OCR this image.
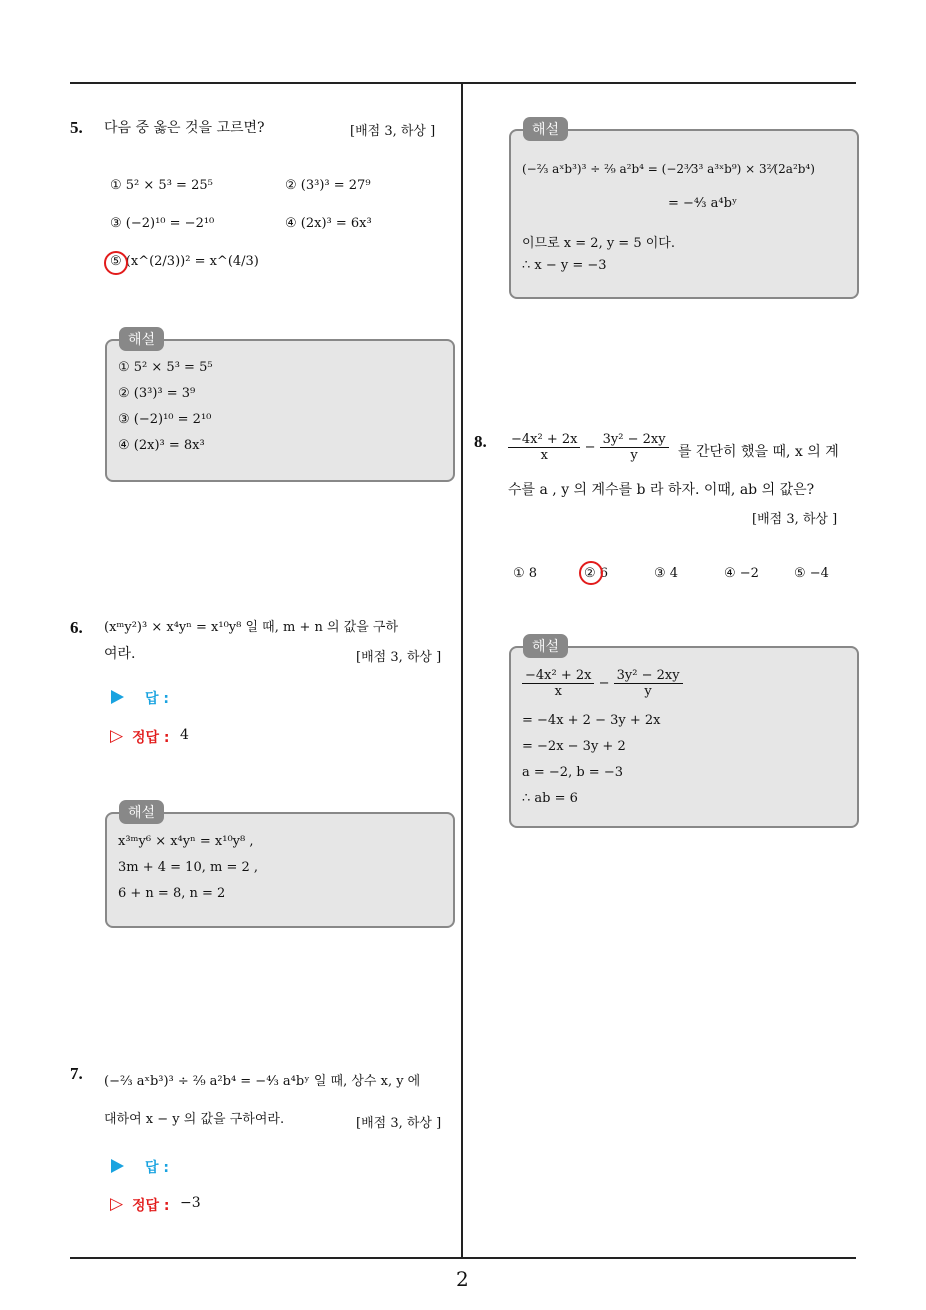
5. 다음 중 옳은 것을 고르면?	[배점 3, 하상 ]
① 5² × 5³ = 25⁵	② (3³)³ = 27⁹
③ (−2)¹⁰ = −2¹⁰	④ (2x)³ = 6x³
⑤ (x^(2/3))² = x^(4/3)
해설
① 5² × 5³ = 5⁵
② (3³)³ = 3⁹
③ (−2)¹⁰ = 2¹⁰
④ (2x)³ = 8x³
6. (xᵐy²)³ × x⁴yⁿ = x¹⁰y⁸ 일 때, m + n 의 값을 구하
여라.	[배점 3, 하상 ]
답 :
▷ 정답 : 4
해설
x³ᵐy⁶ × x⁴yⁿ = x¹⁰y⁸ ,
3m + 4 = 10, m = 2 ,
6 + n = 8, n = 2
7. (−⅔ aˣb³)³ ÷ ²⁄₉ a²b⁴ = −⁴⁄₃ a⁴bʸ 일 때, 상수 x, y 에
대하여 x − y 의 값을 구하여라.	[배점 3, 하상 ]
답 :
▷ 정답 : −3
해설
(−⅔ aˣb³)³ ÷ ²⁄₉ a²b⁴ = (−2³⁄3³ a³ˣb⁹) × 3²⁄(2a²b⁴)
= −⁴⁄₃ a⁴bʸ
이므로 x = 2, y = 5 이다.
∴ x − y = −3
8. $\frac{\text{−4x² + 2x}}{x} - \frac{\text{3y² − 2xy}}{y}$ 를 간단히 했을 때, x 의 계
수를 a , y 의 계수를 b 라 하자. 이때, ab 의 값은?
[배점 3, 하상 ]
① 8	② 6	③ 4	④ −2	⑤ −4
해설
$\frac{\text{−4x² + 2x}}{x} - \frac{\text{3y² − 2xy}}{y}$
= −4x + 2 − 3y + 2x
= −2x − 3y + 2
a = −2, b = −3
∴ ab = 6
2
